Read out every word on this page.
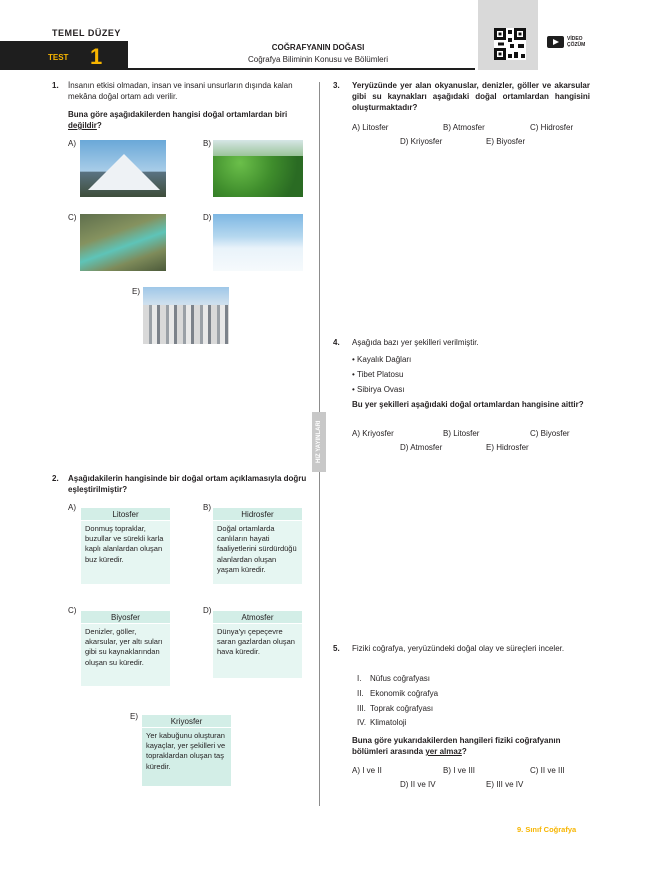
TEMEL DÜZEY
TEST 1	COĞRAFYANIN DOĞASI
Coğrafya Biliminin Konusu ve Bölümleri
VİDEO
ÇÖZÜM
HIZ YAYINLARI
1. İnsanın etkisi olmadan, insan ve insani unsurların dışında kalan mekâna doğal ortam adı verilir.
Buna göre aşağıdakilerden hangisi doğal ortamlardan biri değildir?
A)	B)
C)	D)
E)
2. Aşağıdakilerin hangisinde bir doğal ortam açıklamasıyla doğru eşleştirilmiştir?
A)
Litosfer
Donmuş topraklar, buzullar ve sürekli karla kaplı alanlardan oluşan buz küredir.
B)
Hidrosfer
Doğal ortamlarda canlıların hayati faaliyetlerini sürdürdüğü alanlardan oluşan yaşam küredir.
C)
Biyosfer
Denizler, göller, akarsular, yer altı suları gibi su kaynaklarından oluşan su küredir.
D)
Atmosfer
Dünya'yı çepeçevre saran gazlardan oluşan hava küredir.
E)
Kriyosfer
Yer kabuğunu oluşturan kayaçlar, yer şekilleri ve topraklardan oluşan taş küredir.
3. Yeryüzünde yer alan okyanuslar, denizler, göller ve akarsular gibi su kaynakları aşağıdaki doğal ortamlardan hangisini oluşturmaktadır?
A) Litosfer	B) Atmosfer	C) Hidrosfer
D) Kriyosfer	E) Biyosfer
4. Aşağıda bazı yer şekilleri verilmiştir.
• Kayalık Dağları
• Tibet Platosu
• Sibirya Ovası
Bu yer şekilleri aşağıdaki doğal ortamlardan hangisine aittir?
A) Kriyosfer	B) Litosfer	C) Biyosfer
D) Atmosfer	E) Hidrosfer
5. Fiziki coğrafya, yeryüzündeki doğal olay ve süreçleri inceler.
I. Nüfus coğrafyası
II. Ekonomik coğrafya
III. Toprak coğrafyası
IV. Klimatoloji
Buna göre yukarıdakilerden hangileri fiziki coğrafyanın bölümleri arasında yer almaz?
A) I ve II	B) I ve III	C) II ve III
D) II ve IV	E) III ve IV
9. Sınıf Coğrafya
